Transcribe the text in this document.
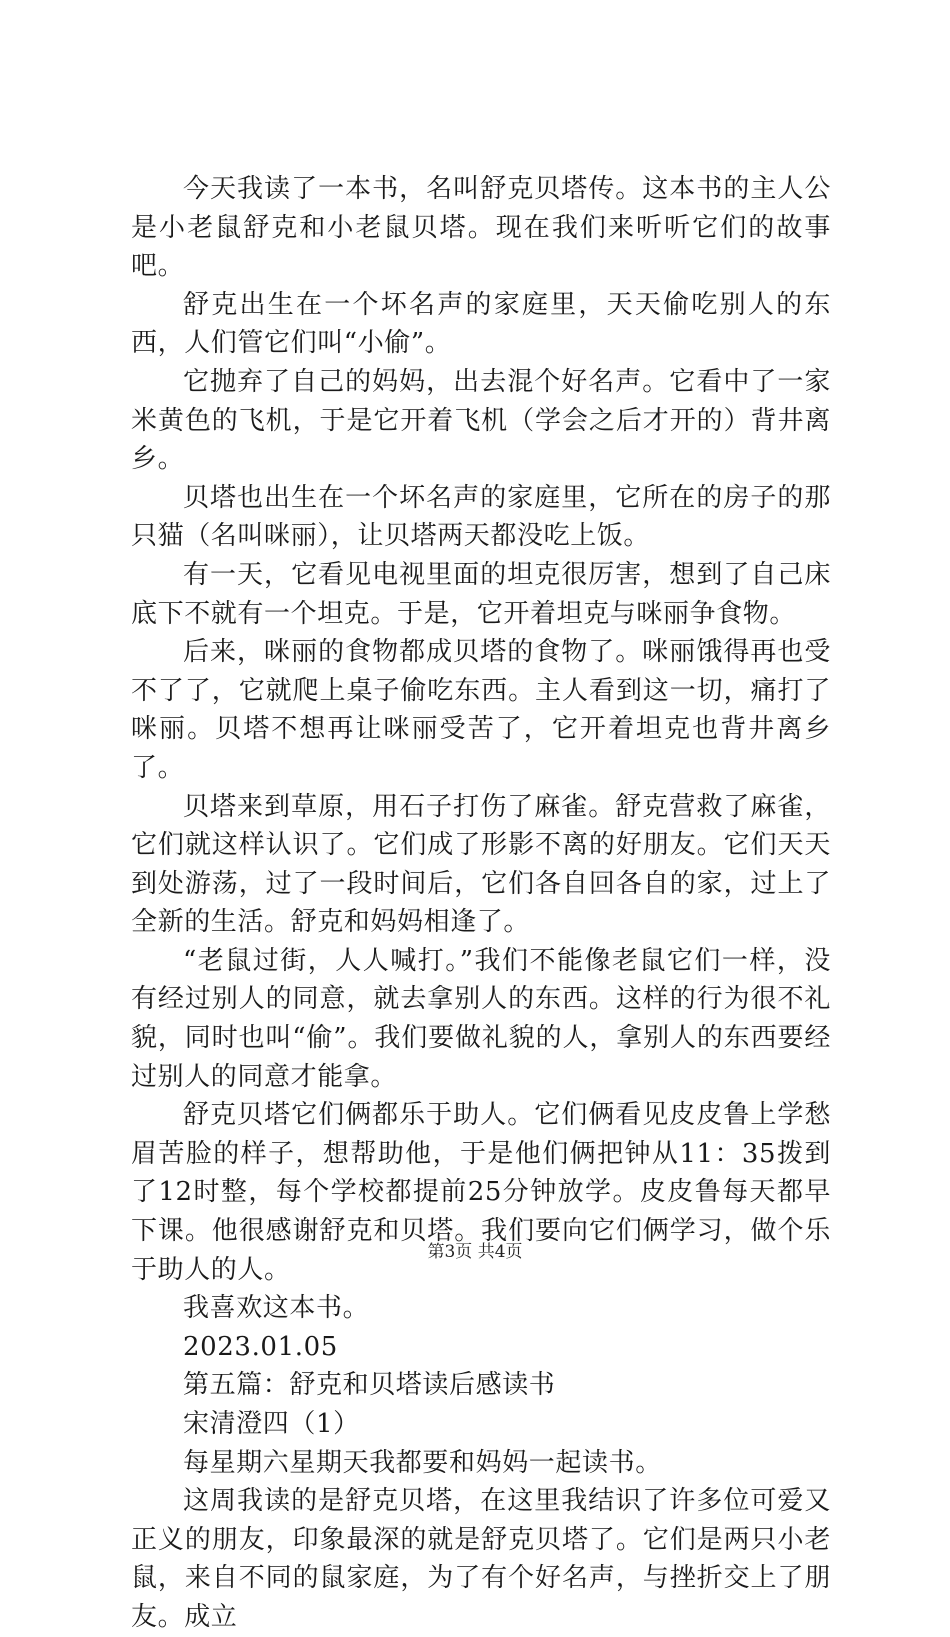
今天我读了一本书，名叫舒克贝塔传。这本书的主人公是小老鼠舒克和小老鼠贝塔。现在我们来听听它们的故事吧。

舒克出生在一个坏名声的家庭里，天天偷吃别人的东西，人们管它们叫“小偷”。

它抛弃了自己的妈妈，出去混个好名声。它看中了一家米黄色的飞机，于是它开着飞机（学会之后才开的）背井离乡。

贝塔也出生在一个坏名声的家庭里，它所在的房子的那只猫（名叫咪丽），让贝塔两天都没吃上饭。

有一天，它看见电视里面的坦克很厉害，想到了自己床底下不就有一个坦克。于是，它开着坦克与咪丽争食物。

后来，咪丽的食物都成贝塔的食物了。咪丽饿得再也受不了了，它就爬上桌子偷吃东西。主人看到这一切，痛打了咪丽。贝塔不想再让咪丽受苦了，它开着坦克也背井离乡了。

贝塔来到草原，用石子打伤了麻雀。舒克营救了麻雀，它们就这样认识了。它们成了形影不离的好朋友。它们天天到处游荡，过了一段时间后，它们各自回各自的家，过上了全新的生活。舒克和妈妈相逢了。

“老鼠过街，人人喊打。”我们不能像老鼠它们一样，没有经过别人的同意，就去拿别人的东西。这样的行为很不礼貌，同时也叫“偷”。我们要做礼貌的人，拿别人的东西要经过别人的同意才能拿。

舒克贝塔它们俩都乐于助人。它们俩看见皮皮鲁上学愁眉苦脸的样子，想帮助他，于是他们俩把钟从11：35拨到了12时整，每个学校都提前25分钟放学。皮皮鲁每天都早下课。他很感谢舒克和贝塔。我们要向它们俩学习，做个乐于助人的人。

我喜欢这本书。

2023.01.05

第五篇：舒克和贝塔读后感读书

宋清澄四（1）

每星期六星期天我都要和妈妈一起读书。

这周我读的是舒克贝塔，在这里我结识了许多位可爱又正义的朋友，印象最深的就是舒克贝塔了。它们是两只小老鼠，来自不同的鼠家庭，为了有个好名声，与挫折交上了朋友。成立

第3页 共4页
